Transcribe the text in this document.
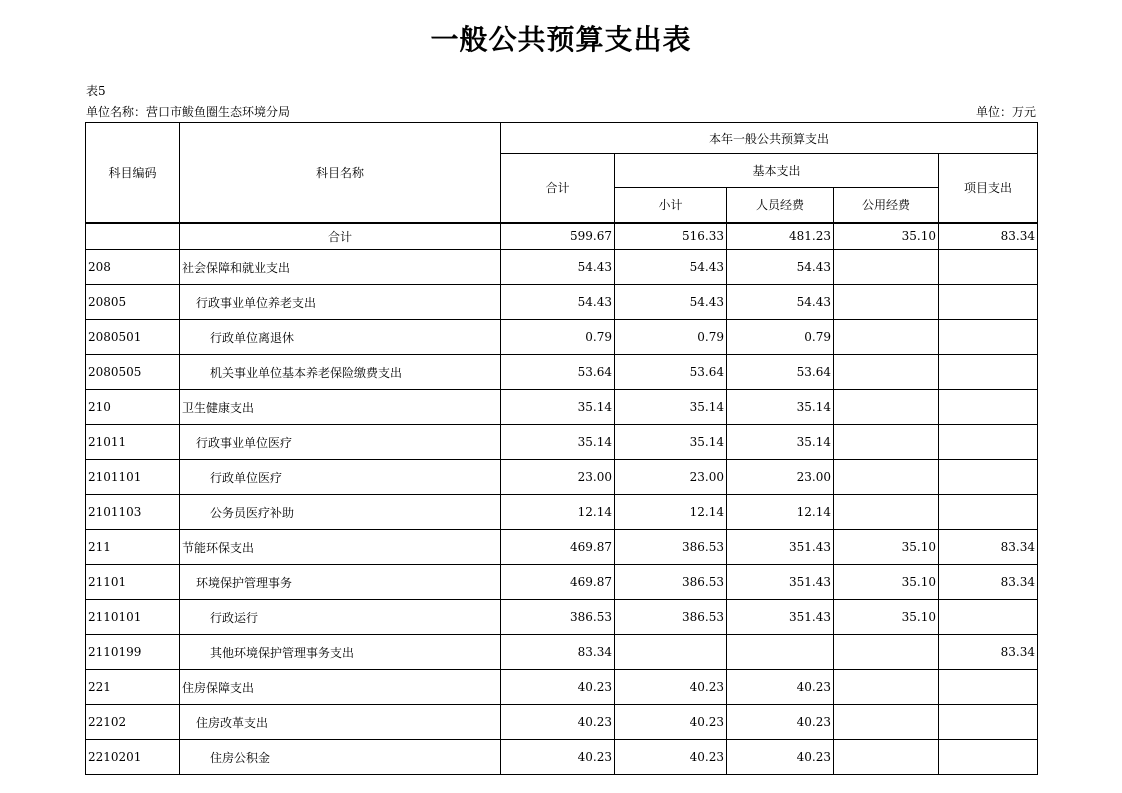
一般公共预算支出表
表5
单位名称：营口市鲅鱼圈生态环境分局	单位：万元
科目编码	科目名称	本年一般公共预算支出				
		合计	基本支出			项目支出
			小计	人员经费	公用经费	
	合计	599.67	516.33	481.23	35.10	83.34
208	社会保障和就业支出	54.43	54.43	54.43		
20805	行政事业单位养老支出	54.43	54.43	54.43		
2080501	行政单位离退休	0.79	0.79	0.79		
2080505	机关事业单位基本养老保险缴费支出	53.64	53.64	53.64		
210	卫生健康支出	35.14	35.14	35.14		
21011	行政事业单位医疗	35.14	35.14	35.14		
2101101	行政单位医疗	23.00	23.00	23.00		
2101103	公务员医疗补助	12.14	12.14	12.14		
211	节能环保支出	469.87	386.53	351.43	35.10	83.34
21101	环境保护管理事务	469.87	386.53	351.43	35.10	83.34
2110101	行政运行	386.53	386.53	351.43	35.10	
2110199	其他环境保护管理事务支出	83.34				83.34
221	住房保障支出	40.23	40.23	40.23		
22102	住房改革支出	40.23	40.23	40.23		
2210201	住房公积金	40.23	40.23	40.23		
